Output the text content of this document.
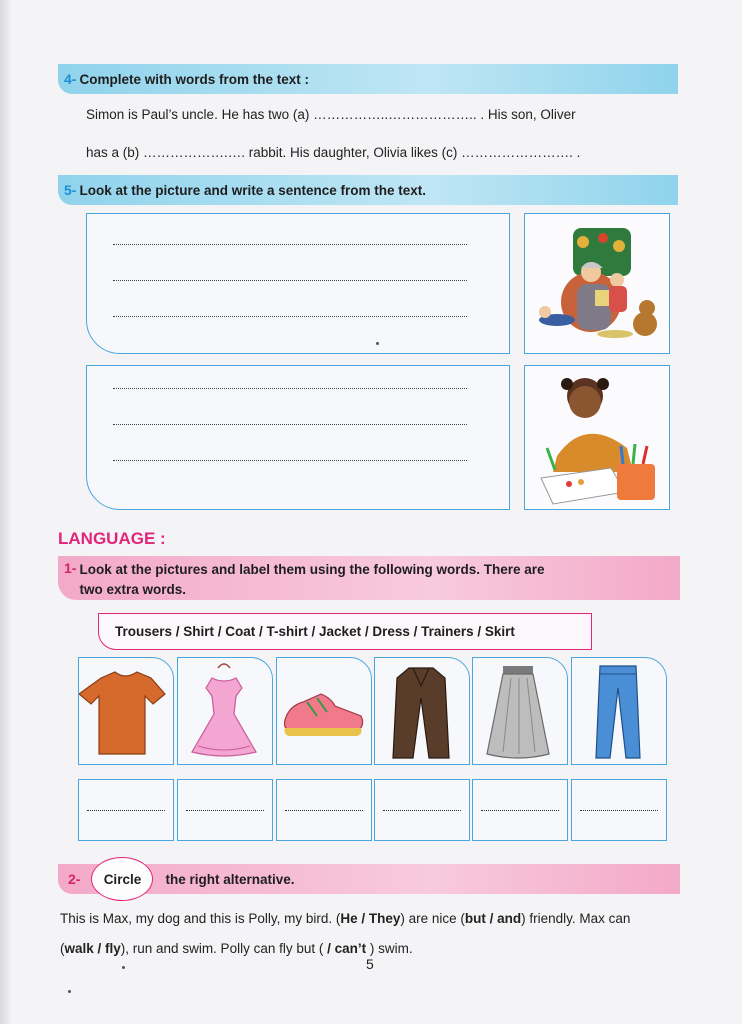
4- Complete with words from the text :
Simon is Paul’s uncle. He has two (a) ……………..……………….. . His son, Oliver
has a (b) ……………….…. rabbit. His daughter, Olivia likes (c) ……………………. .
5- Look at the picture and write a sentence from the text.
LANGUAGE :
1- Look at the pictures and label them using the following words. There are
two extra words.
Trousers / Shirt / Coat / T-shirt / Jacket / Dress / Trainers / Skirt
2- Circle the right alternative.
This is Max, my dog and this is Polly, my bird. (He / They) are nice (but / and) friendly. Max can
(walk / fly), run and swim. Polly can fly but ( / can’t ) swim.
5
